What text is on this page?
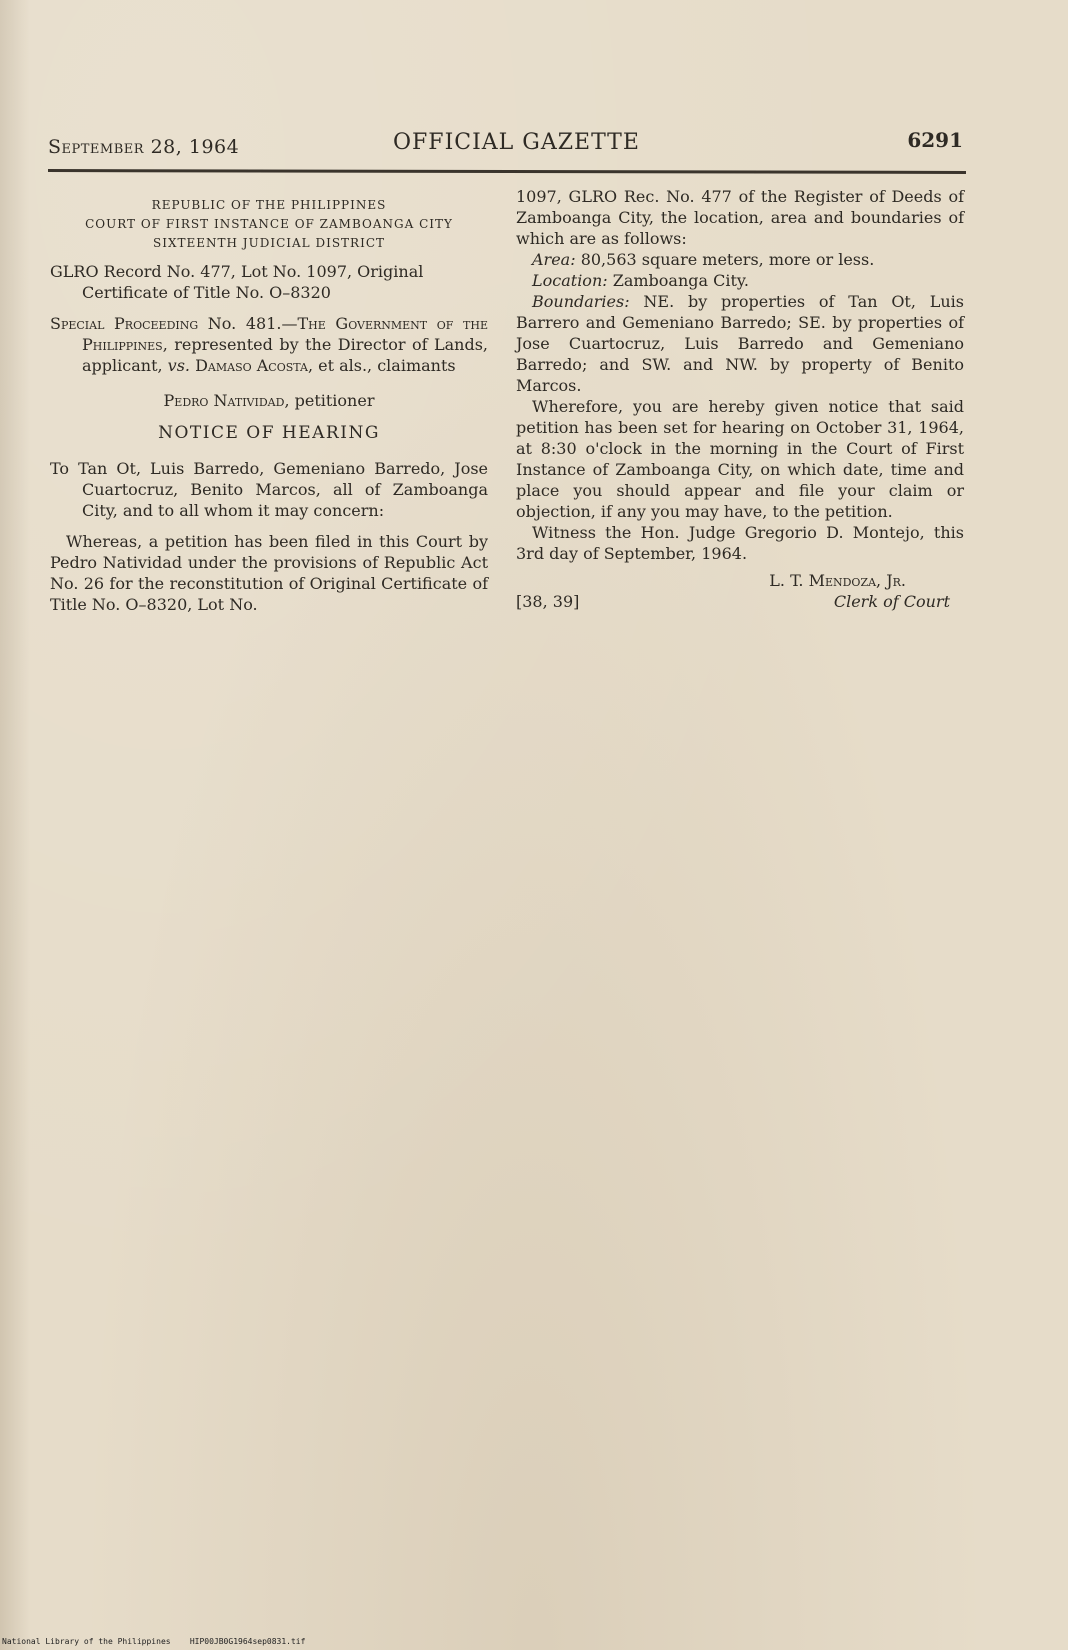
September 28, 1964	OFFICIAL GAZETTE	6291
REPUBLIC OF THE PHILIPPINES
COURT OF FIRST INSTANCE OF ZAMBOANGA CITY
SIXTEENTH JUDICIAL DISTRICT
GLRO Record No. 477, Lot No. 1097, Original Certificate of Title No. O–8320
Special Proceeding No. 481.—The Government of the Philippines, represented by the Director of Lands, applicant, vs. Damaso Acosta, et als., claimants
Pedro Natividad, petitioner
NOTICE OF HEARING
To Tan Ot, Luis Barredo, Gemeniano Barredo, Jose Cuartocruz, Benito Marcos, all of Zamboanga City, and to all whom it may concern:
Whereas, a petition has been filed in this Court by Pedro Natividad under the provisions of Republic Act No. 26 for the reconstitution of Original Certificate of Title No. O–8320, Lot No.
1097, GLRO Rec. No. 477 of the Register of Deeds of Zamboanga City, the location, area and boundaries of which are as follows:
Area: 80,563 square meters, more or less.
Location: Zamboanga City.
Boundaries: NE. by properties of Tan Ot, Luis Barrero and Gemeniano Barredo; SE. by properties of Jose Cuartocruz, Luis Barredo and Gemeniano Barredo; and SW. and NW. by property of Benito Marcos.
Wherefore, you are hereby given notice that said petition has been set for hearing on October 31, 1964, at 8:30 o'clock in the morning in the Court of First Instance of Zamboanga City, on which date, time and place you should appear and file your claim or objection, if any you may have, to the petition.
Witness the Hon. Judge Gregorio D. Montejo, this 3rd day of September, 1964.
L. T. Mendoza, Jr.
[38, 39]	Clerk of Court
National Library of the Philippines HIP00JB0G1964sep0831.tif
